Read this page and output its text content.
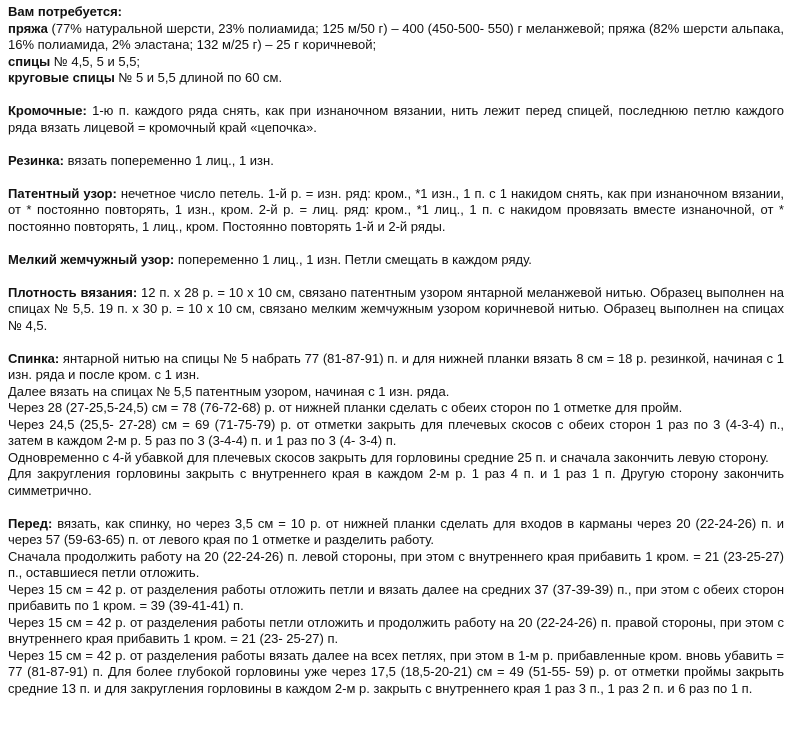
Вам потребуется:

пряжа (77% натуральной шерсти, 23% полиамида; 125 м/50 г) – 400 (450-500- 550) г меланжевой; пряжа (82% шерсти альпака, 16% полиамида, 2% эластана; 132 м/25 г) – 25 г коричневой;

спицы № 4,5, 5 и 5,5;

круговые спицы № 5 и 5,5 длиной по 60 см.

Кромочные: 1-ю п. каждого ряда снять, как при изнаночном вязании, нить лежит перед спицей, последнюю петлю каждого ряда вязать лицевой = кромочный край «цепочка».

Резинка: вязать попеременно 1 лиц., 1 изн.

Патентный узор: нечетное число петель. 1-й р. = изн. ряд: кром., *1 изн., 1 п. с 1 накидом снять, как при изнаночном вязании, от * постоянно повторять, 1 изн., кром. 2-й р. = лиц. ряд: кром., *1 лиц., 1 п. с накидом провязать вместе изнаночной, от * постоянно повторять, 1 лиц., кром. Постоянно повторять 1-й и 2-й ряды.

Мелкий жемчужный узор: попеременно 1 лиц., 1 изн. Петли смещать в каждом ряду.

Плотность вязания: 12 п. х 28 р. = 10 х 10 см, связано патентным узором янтарной меланжевой нитью. Образец выполнен на спицах № 5,5. 19 п. х 30 р. = 10 х 10 см, связано мелким жемчужным узором коричневой нитью. Образец выполнен на спицах № 4,5.

Спинка: янтарной нитью на спицы № 5 набрать 77 (81-87-91) п. и для нижней планки вязать 8 см = 18 р. резинкой, начиная с 1 изн. ряда и после кром. с 1 изн.

Далее вязать на спицах № 5,5 патентным узором, начиная с 1 изн. ряда.

Через 28 (27-25,5-24,5) см = 78 (76-72-68) р. от нижней планки сделать с обеих сторон по 1 отметке для пройм.

Через 24,5 (25,5- 27-28) см = 69 (71-75-79) р. от отметки закрыть для плечевых скосов с обеих сторон 1 раз по 3 (4-3-4) п., затем в каждом 2-м р. 5 раз по 3 (3-4-4) п. и 1 раз по 3 (4- 3-4) п.

Одновременно с 4-й убавкой для плечевых скосов закрыть для горловины средние 25 п. и сначала закончить левую сторону.

Для закругления горловины закрыть с внутреннего края в каждом 2-м р. 1 раз 4 п. и 1 раз 1 п. Другую сторону закончить симметрично.

Перед: вязать, как спинку, но через 3,5 см = 10 р. от нижней планки сделать для входов в карманы через 20 (22-24-26) п. и через 57 (59-63-65) п. от левого края по 1 отметке и разделить работу.

Сначала продолжить работу на 20 (22-24-26) п. левой стороны, при этом с внутреннего края прибавить 1 кром. = 21 (23-25-27) п., оставшиеся петли отложить.

Через 15 см = 42 р. от разделения работы отложить петли и вязать далее на средних 37 (37-39-39) п., при этом с обеих сторон прибавить по 1 кром. = 39 (39-41-41) п.

Через 15 см = 42 р. от разделения работы петли отложить и продолжить работу на 20 (22-24-26) п. правой стороны, при этом с внутреннего края прибавить 1 кром. = 21 (23- 25-27) п.

Через 15 см = 42 р. от разделения работы вязать далее на всех петлях, при этом в 1-м р. прибавленные кром. вновь убавить = 77 (81-87-91) п. Для более глубокой горловины уже через 17,5 (18,5-20-21) см = 49 (51-55- 59) р. от отметки проймы закрыть средние 13 п. и для закругления горловины в каждом 2-м р. закрыть с внутреннего края 1 раз 3 п., 1 раз 2 п. и 6 раз по 1 п.
